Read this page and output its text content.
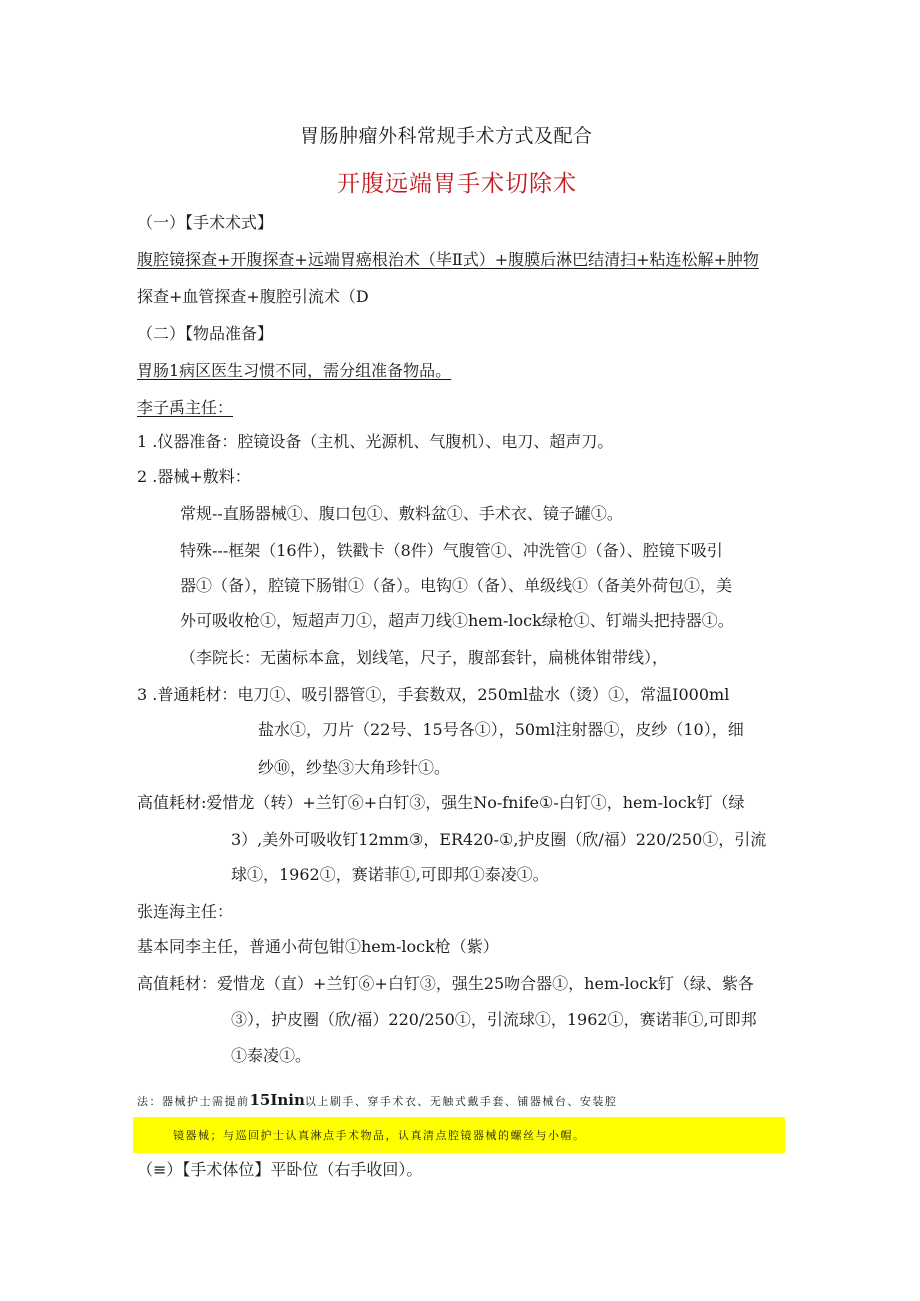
胃肠肿瘤外科常规手术方式及配合
开腹远端胃手术切除术
（一）【手术术式】
腹腔镜探查+开腹探查+远端胃癌根治术（毕Ⅱ式）+腹膜后淋巴结清扫+粘连松解+肿物
探查+血管探查+腹腔引流术（D
（二）【物品准备】
胃肠1病区医生习惯不同，需分组准备物品。
李子禹主任：
1 .仪器准备：腔镜设备（主机、光源机、气腹机）、电刀、超声刀。
2 .器械+敷料：
常规--直肠器械①、腹口包①、敷料盆①、手术衣、镜子罐①。
特殊---框架（16件），铁戳卡（8件）气腹管①、冲洗管①（备）、腔镜下吸引
器①（备），腔镜下肠钳①（备）。电钩①（备）、单级线①（备美外荷包①，美
外可吸收枪①，短超声刀①，超声刀线①hem-lock绿枪①、钉端头把持器①。
（李院长：无菌标本盒，划线笔，尺子，腹部套针，扁桃体钳带线），
3 .普通耗材：电刀①、吸引器管①，手套数双，250ml盐水（烫）①，常温I000ml
盐水①，刀片（22号、15号各①），50ml注射器①，皮纱（10），细
纱⑩，纱垫③大角珍针①。
高值耗材:爱惜龙（转）+兰钉⑥+白钉③，强生No-fnife①-白钉①，hem-lock钉（绿
3）,美外可吸收钉12mm③，ER420-①,护皮圈（欣/福）220/250①，引流
球①，1962①，赛诺菲①,可即邦①泰凌①。
张连海主任：
基本同李主任，普通小荷包钳①hem-lock枪（紫）
高值耗材：爱惜龙（直）+兰钉⑥+白钉③，强生25吻合器①，hem-lock钉（绿、紫各
③），护皮圈（欣/福）220/250①，引流球①，1962①，赛诺菲①,可即邦
①泰凌①。
法：器械护士需提前15Inin以上刷手、穿手术衣、无触式戴手套、铺器械台、安装腔
镜器械；与巡回护士认真淋点手术物品，认真清点腔镜器械的螺丝与小帽。
（≡）【手术体位】平卧位（右手收回）。
